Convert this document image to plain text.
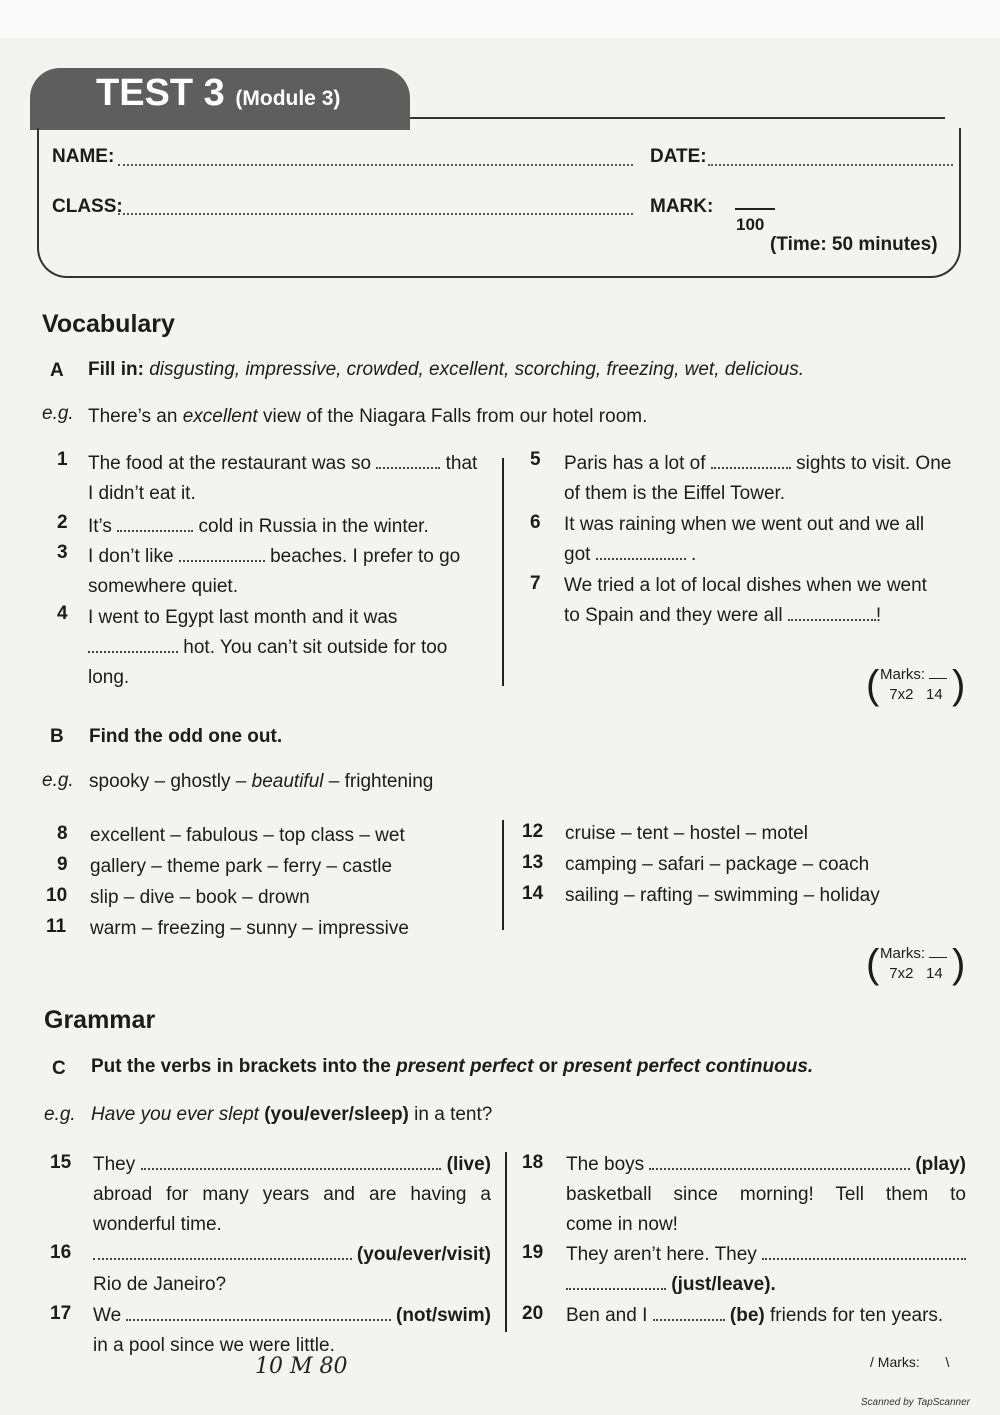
TEST 3 (Module 3)
NAME:	DATE:
CLASS:	MARK:
100
(Time: 50 minutes)
Vocabulary
A Fill in: disgusting, impressive, crowded, excellent, scorching, freezing, wet, delicious.
e.g. There’s an excellent view of the Niagara Falls from our hotel room.
1 The food at the restaurant was so	that
I didn’t eat it.
2 It’s	cold in Russia in the winter.
3 I don’t like	beaches. I prefer to go
somewhere quiet.
4 I went to Egypt last month and it was
hot. You can’t sit outside for too
long.
5 Paris has a lot of	sights to visit. One
of them is the Eiffel Tower.
6 It was raining when we went out and we all
got	.
7 We tried a lot of local dishes when we went
to Spain and they were all	!
( Marks:
7x2 14 )
B Find the odd one out.
e.g. spooky – ghostly – beautiful – frightening
8 excellent – fabulous – top class – wet
9 gallery – theme park – ferry – castle
10 slip – dive – book – drown
11 warm – freezing – sunny – impressive
12 cruise – tent – hostel – motel
13 camping – safari – package – coach
14 sailing – rafting – swimming – holiday
( Marks:
7x2 14 )
Grammar
C Put the verbs in brackets into the present perfect or present perfect continuous.
e.g. Have you ever slept (you/ever/sleep) in a tent?
15 They

	(live)
abroad for many years and are having a
wonderful time.
16
	(you/ever/visit)
Rio de Janeiro?
17 We

	(not/swim)
in a pool since we were little.
18 The boys

	(play)
basketball since morning! Tell them to
come in now!
19 They aren’t here. They

(just/leave).
20 Ben and I	(be) friends for ten years.
10 M 80	/ Marks:  \
Scanned by TapScanner
